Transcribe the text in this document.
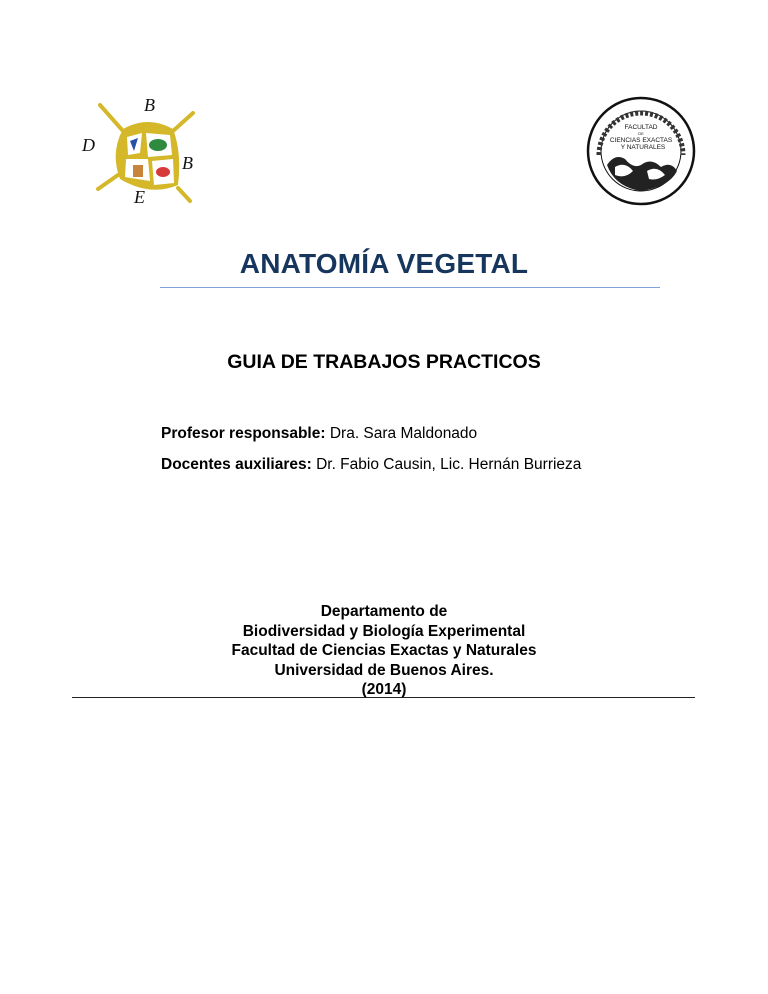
B
D
B
E
FACULTAD
DE
CIENCIAS EXACTAS
Y NATURALES
ANATOMÍA VEGETAL
GUIA DE TRABAJOS PRACTICOS
Profesor responsable: Dra. Sara Maldonado
Docentes auxiliares: Dr. Fabio Causin, Lic. Hernán Burrieza
Departamento de
Biodiversidad y Biología Experimental
Facultad de Ciencias Exactas y Naturales
Universidad de Buenos Aires.
(2014)
